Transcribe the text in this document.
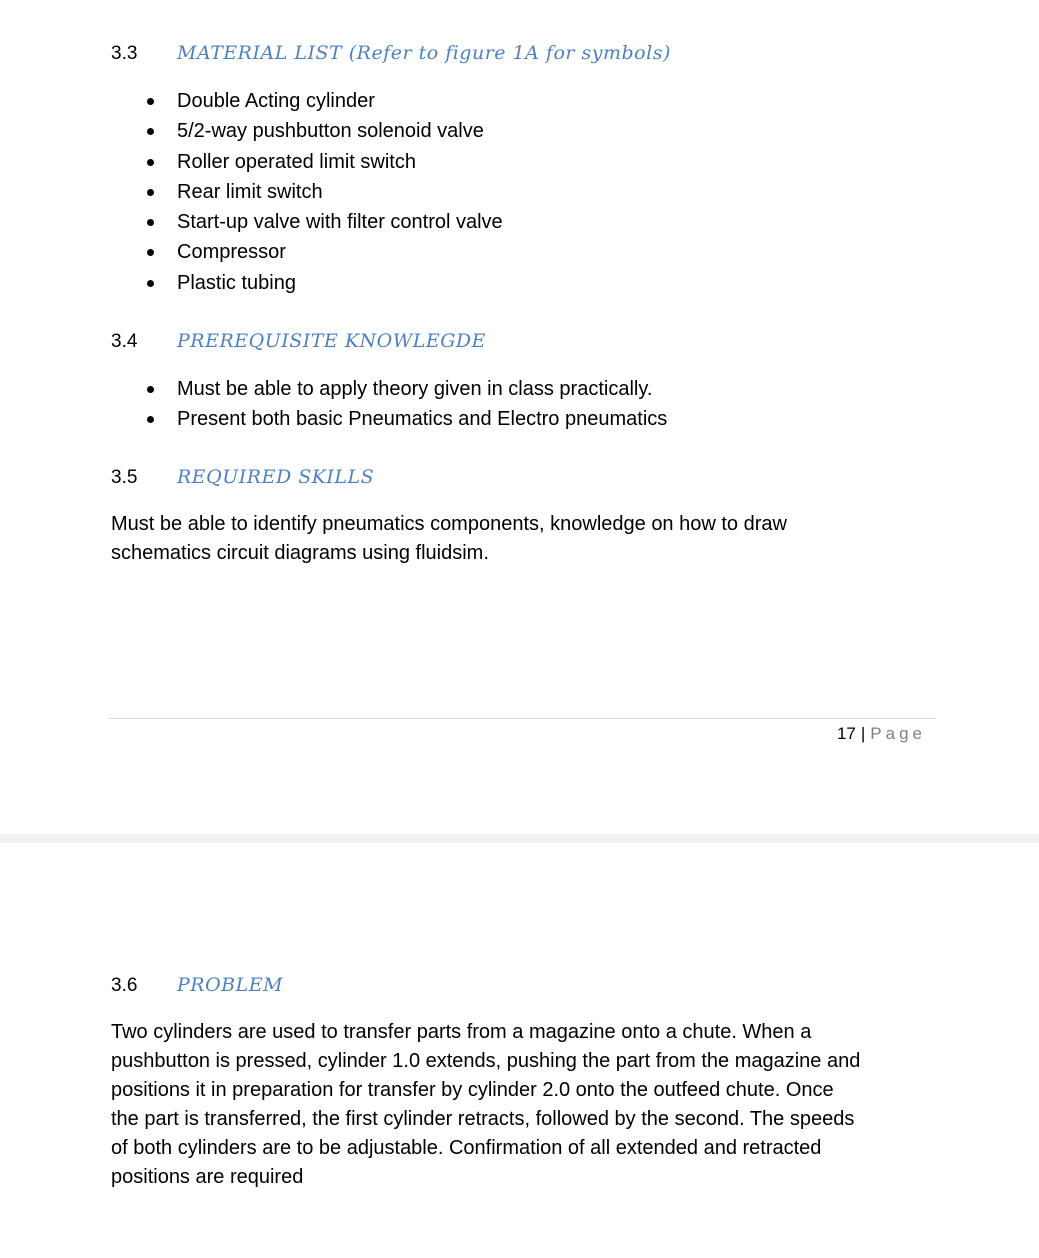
3.3 MATERIAL LIST (Refer to figure 1A for symbols)
Double Acting cylinder
5/2-way pushbutton solenoid valve
Roller operated limit switch
Rear limit switch
Start-up valve with filter control valve
Compressor
Plastic tubing
3.4 PREREQUISITE KNOWLEGDE
Must be able to apply theory given in class practically.
Present both basic Pneumatics and Electro pneumatics
3.5 REQUIRED SKILLS
Must be able to identify pneumatics components, knowledge on how to draw
schematics circuit diagrams using fluidsim.
17 | Page
3.6 PROBLEM
Two cylinders are used to transfer parts from a magazine onto a chute. When a
pushbutton is pressed, cylinder 1.0 extends, pushing the part from the magazine and
positions it in preparation for transfer by cylinder 2.0 onto the outfeed chute. Once
the part is transferred, the first cylinder retracts, followed by the second. The speeds
of both cylinders are to be adjustable. Confirmation of all extended and retracted
positions are required
